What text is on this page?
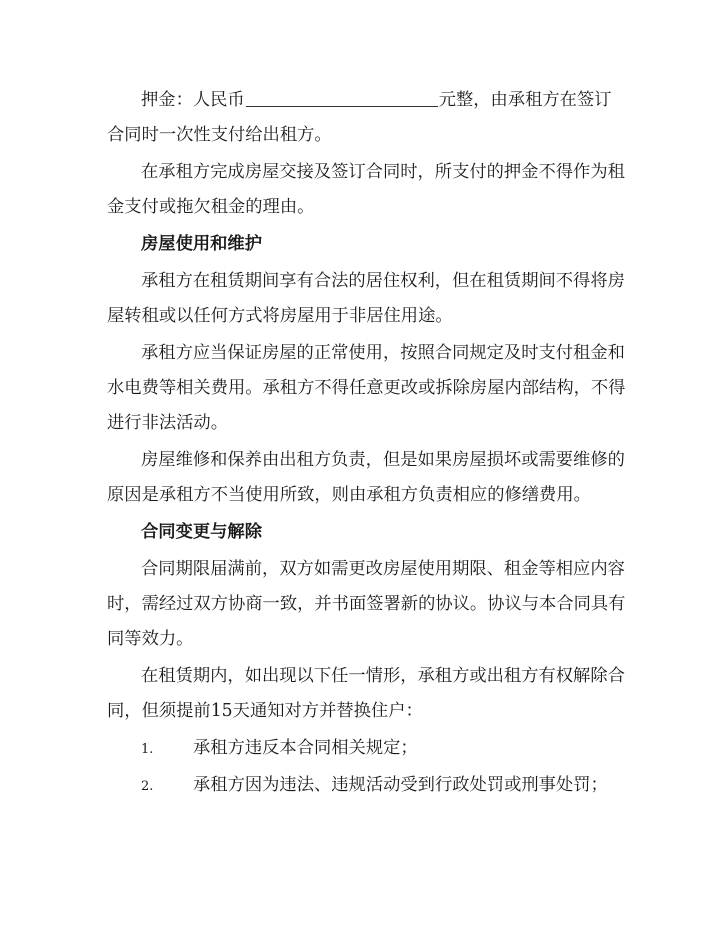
押金：人民币	元整，由承租方在签订
合同时一次性支付给出租方。
在承租方完成房屋交接及签订合同时，所支付的押金不得作为租
金支付或拖欠租金的理由。
房屋使用和维护
承租方在租赁期间享有合法的居住权利，但在租赁期间不得将房
屋转租或以任何方式将房屋用于非居住用途。
承租方应当保证房屋的正常使用，按照合同规定及时支付租金和
水电费等相关费用。承租方不得任意更改或拆除房屋内部结构，不得
进行非法活动。
房屋维修和保养由出租方负责，但是如果房屋损坏或需要维修的
原因是承租方不当使用所致，则由承租方负责相应的修缮费用。
合同变更与解除
合同期限届满前，双方如需更改房屋使用期限、租金等相应内容
时，需经过双方协商一致，并书面签署新的协议。协议与本合同具有
同等效力。
在租赁期内，如出现以下任一情形，承租方或出租方有权解除合
同，但须提前15天通知对方并替换住户：
1. 承租方违反本合同相关规定；
2. 承租方因为违法、违规活动受到行政处罚或刑事处罚；
